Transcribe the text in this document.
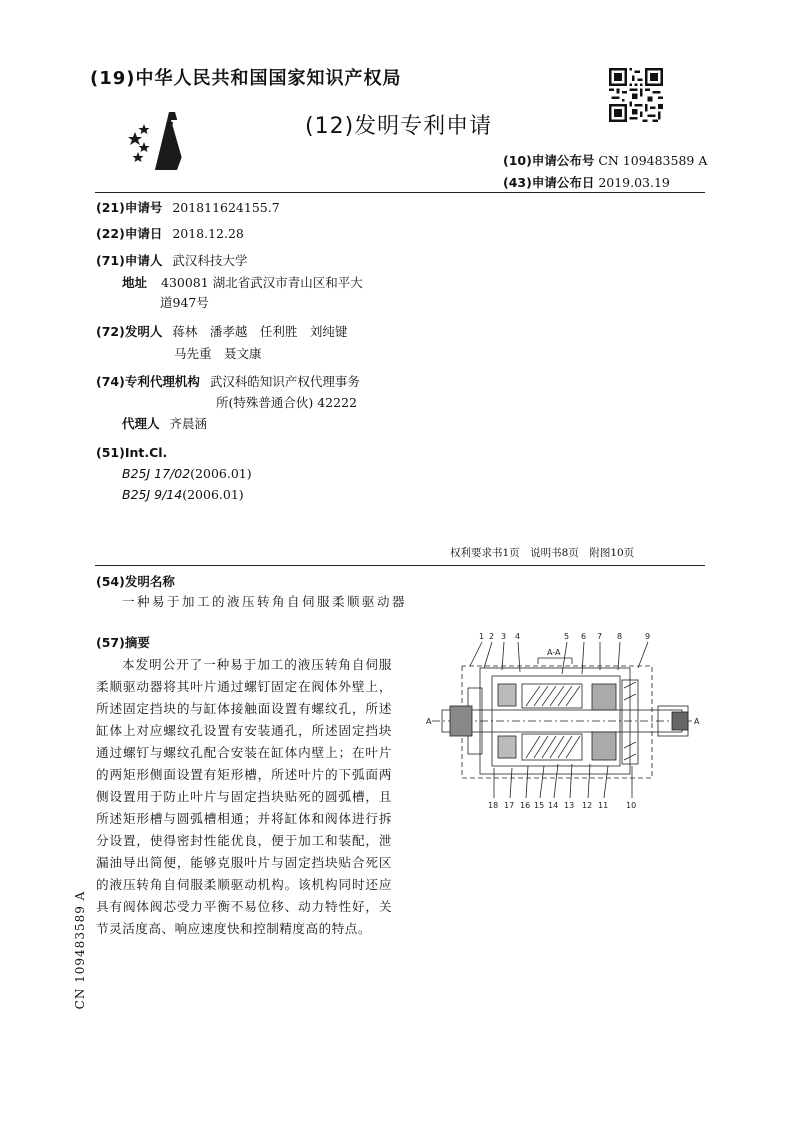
(19)中华人民共和国国家知识产权局
(12)发明专利申请
(10)申请公布号 CN 109483589 A
(43)申请公布日 2019.03.19
(21)申请号 201811624155.7
(22)申请日 2018.12.28
(71)申请人 武汉科技大学
地址 430081 湖北省武汉市青山区和平大
道947号
(72)发明人 蒋林　潘孝越　任利胜　刘纯键
马先重　聂文康
(74)专利代理机构 武汉科皓知识产权代理事务
所(特殊普通合伙) 42222
代理人 齐晨涵
(51)Int.Cl.
B25J 17/02(2006.01)
B25J 9/14(2006.01)
权利要求书1页　说明书8页　附图10页
(54)发明名称
一种易于加工的液压转角自伺服柔顺驱动器
(57)摘要
本发明公开了一种易于加工的液压转角自伺服柔顺驱动器将其叶片通过螺钉固定在阀体外壁上，所述固定挡块的与缸体接触面设置有螺纹孔，所述缸体上对应螺纹孔设置有安装通孔，所述固定挡块通过螺钉与螺纹孔配合安装在缸体内壁上；在叶片的两矩形侧面设置有矩形槽，所述叶片的下弧面两侧设置用于防止叶片与固定挡块贴死的圆弧槽，且所述矩形槽与圆弧槽相通；并将缸体和阀体进行拆分设置，使得密封性能优良，便于加工和装配，泄漏油导出简便，能够克服叶片与固定挡块贴合死区的液压转角自伺服柔顺驱动机构。该机构同时还应具有阀体阀芯受力平衡不易位移、动力特性好，关节灵活度高、响应速度快和控制精度高的特点。
1 2 3 4	5 6 7 8	9
A-A
A	A
18 17 16 15 14 13 12 11 10
CN 109483589 A
